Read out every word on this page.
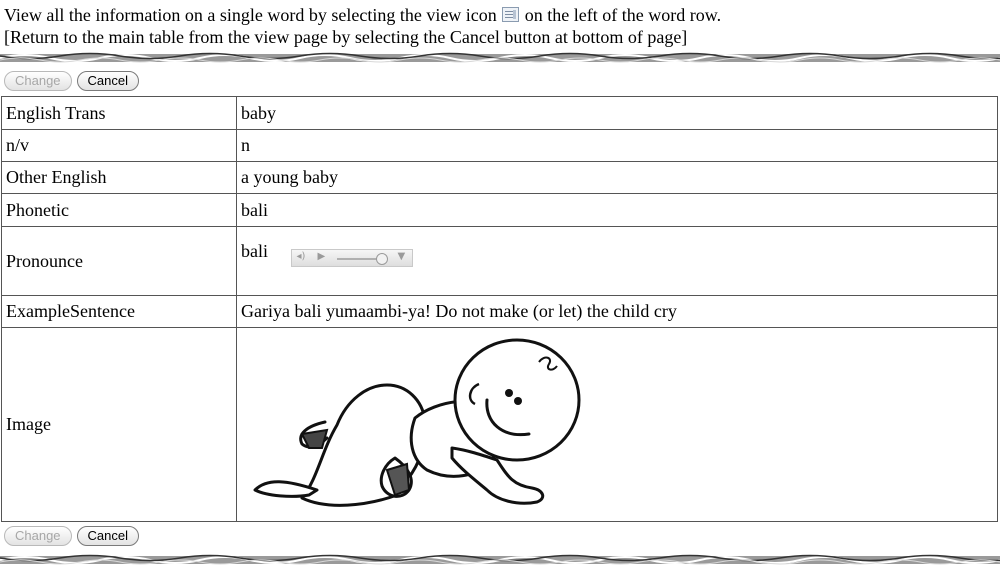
View all the information on a single word by selecting the view icon on the left of the word row.
[Return to the main table from the view page by selecting the Cancel button at bottom of page]
Change Cancel
English Trans	baby
n/v	n
Other English	a young baby
Phonetic	bali
Pronounce	bali ◂) ▶ ▼

ExampleSentence	Gariya bali yumaambi-ya! Do not make (or let) the child cry
Image	
Change Cancel
